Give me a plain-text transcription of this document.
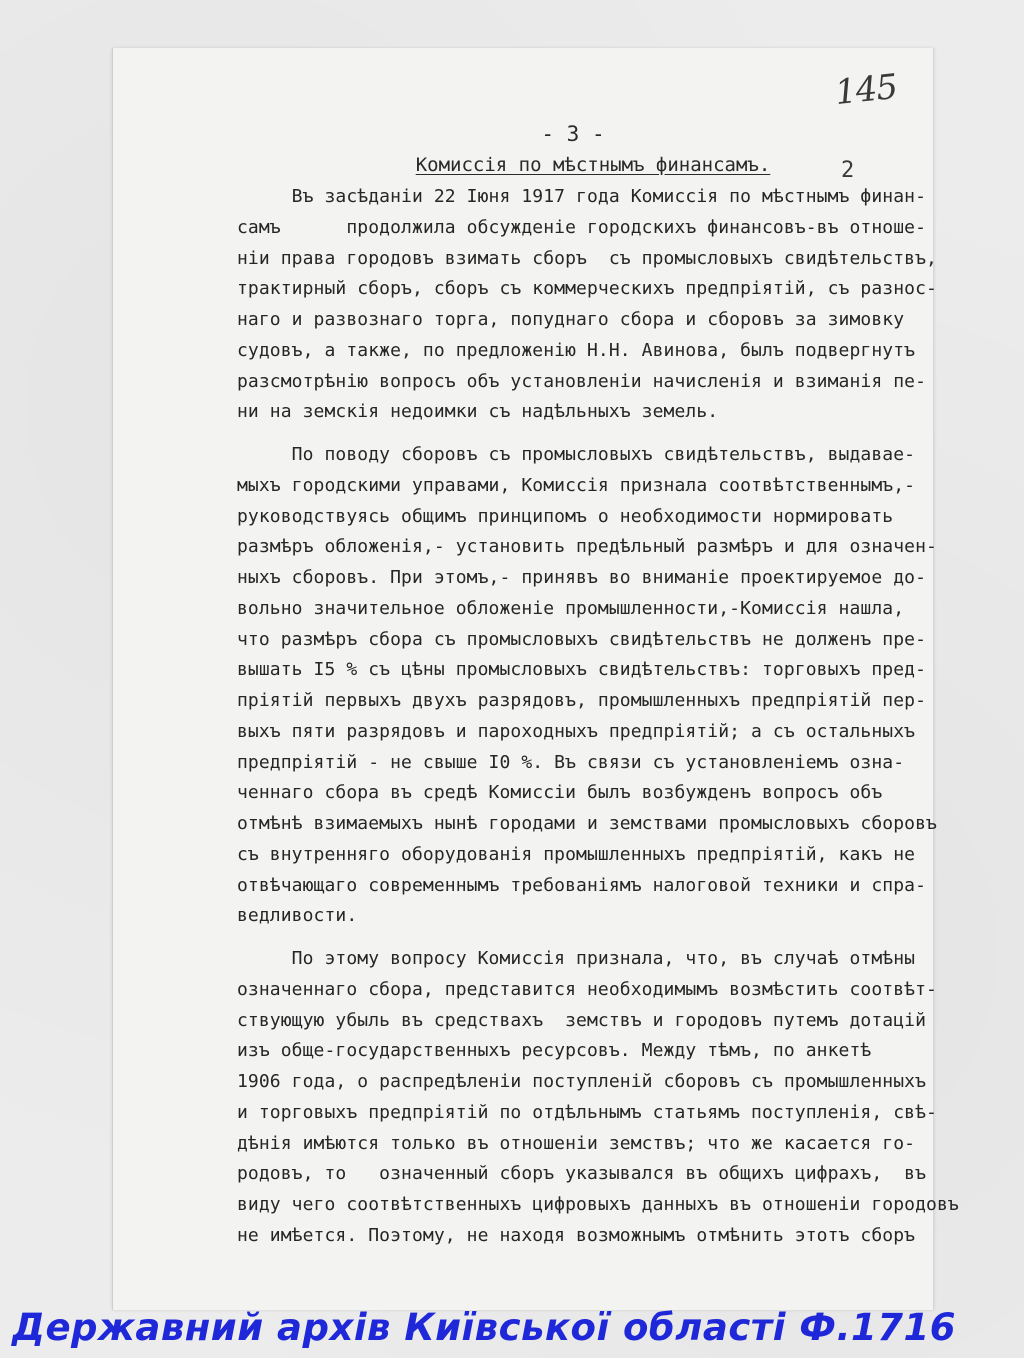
145
- 3 -
Комиссія по мѣстнымъ финансамъ.	2
Въ засѣданіи 22 Іюня 1917 года Комиссія по мѣстнымъ финан-
самъ      продолжила обсужденіе городскихъ финансовъ-въ отноше-
ніи права городовъ взимать сборъ  съ промысловыхъ свидѣтельствъ,
трактирный сборъ, сборъ съ коммерческихъ предпріятій, съ разнос-
наго и развознаго торга, попуднаго сбора и сборовъ за зимовку
судовъ, а также, по предложенію Н.Н. Авинова, былъ подвергнутъ
разсмотрѣнію вопросъ объ установленіи начисленія и взиманія пе-
ни на земскія недоимки съ надѣльныхъ земель.
По поводу сборовъ съ промысловыхъ свидѣтельствъ, выдавае-
мыхъ городскими управами, Комиссія признала соотвѣтственнымъ,-
руководствуясь общимъ принципомъ о необходимости нормировать
размѣръ обложенія,- установить предѣльный размѣръ и для означен-
ныхъ сборовъ. При этомъ,- принявъ во вниманіе проектируемое до-
вольно значительное обложеніе промышленности,-Комиссія нашла,
что размѣръ сбора съ промысловыхъ свидѣтельствъ не долженъ пре-
вышать I5 % съ цѣны промысловыхъ свидѣтельствъ: торговыхъ пред-
пріятій первыхъ двухъ разрядовъ, промышленныхъ предпріятій пер-
выхъ пяти разрядовъ и пароходныхъ предпріятій; а съ остальныхъ
предпріятій - не свыше I0 %. Въ связи съ установленіемъ озна-
ченнаго сбора въ средѣ Комиссіи былъ возбужденъ вопросъ объ
отмѣнѣ взимаемыхъ нынѣ городами и земствами промысловыхъ сборовъ
съ внутренняго оборудованія промышленныхъ предпріятій, какъ не
отвѣчающаго современнымъ требованіямъ налоговой техники и спра-
ведливости.
По этому вопросу Комиссія признала, что, въ случаѣ отмѣны
означеннаго сбора, представится необходимымъ возмѣстить соотвѣт-
ствующую убыль въ средствахъ  земствъ и городовъ путемъ дотацій
изъ обще-государственныхъ ресурсовъ. Между тѣмъ, по анкетѣ
1906 года, о распредѣленіи поступленій сборовъ съ промышленныхъ
и торговыхъ предпріятій по отдѣльнымъ статьямъ поступленія, свѣ-
дѣнія имѣются только въ отношеніи земствъ; что же касается го-
родовъ, то   означенный сборъ указывался въ общихъ цифрахъ,  въ
виду чего соотвѣтственныхъ цифровыхъ данныхъ въ отношеніи городовъ
не имѣется. Поэтому, не находя возможнымъ отмѣнить этотъ сборъ
Державний архів Київської області Ф.1716
